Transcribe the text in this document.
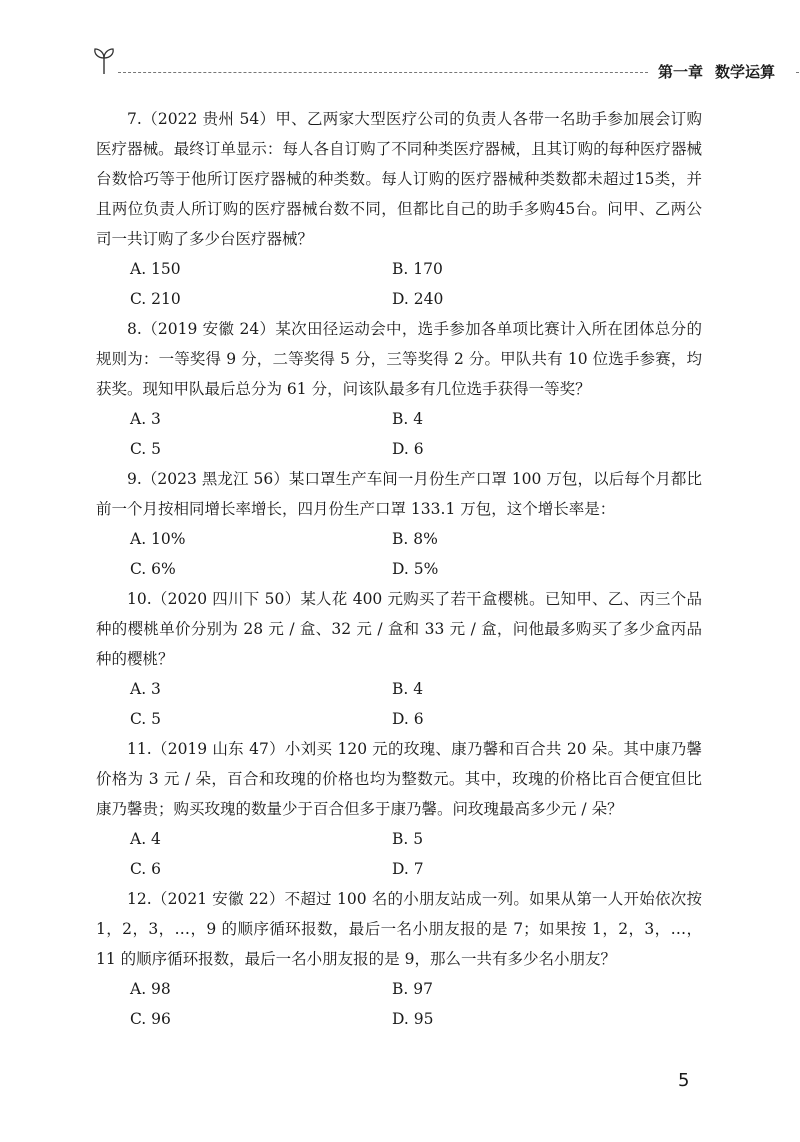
第一章 数学运算

7.（2022 贵州 54）甲、乙两家大型医疗公司的负责人各带一名助手参加展会订购医疗器械。最终订单显示：每人各自订购了不同种类医疗器械，且其订购的每种医疗器械台数恰巧等于他所订医疗器械的种类数。每人订购的医疗器械种类数都未超过15类，并且两位负责人所订购的医疗器械台数不同，但都比自己的助手多购45台。问甲、乙两公司一共订购了多少台医疗器械？

A. 150	B. 170
C. 210	D. 240

8.（2019 安徽 24）某次田径运动会中，选手参加各单项比赛计入所在团体总分的规则为：一等奖得 9 分，二等奖得 5 分，三等奖得 2 分。甲队共有 10 位选手参赛，均获奖。现知甲队最后总分为 61 分，问该队最多有几位选手获得一等奖？

A. 3	B. 4
C. 5	D. 6

9.（2023 黑龙江 56）某口罩生产车间一月份生产口罩 100 万包，以后每个月都比前一个月按相同增长率增长，四月份生产口罩 133.1 万包，这个增长率是：

A. 10%	B. 8%
C. 6%	D. 5%

10.（2020 四川下 50）某人花 400 元购买了若干盒樱桃。已知甲、乙、丙三个品种的樱桃单价分别为 28 元 / 盒、32 元 / 盒和 33 元 / 盒，问他最多购买了多少盒丙品种的樱桃？

A. 3	B. 4
C. 5	D. 6

11.（2019 山东 47）小刘买 120 元的玫瑰、康乃馨和百合共 20 朵。其中康乃馨价格为 3 元 / 朵，百合和玫瑰的价格也均为整数元。其中，玫瑰的价格比百合便宜但比康乃馨贵；购买玫瑰的数量少于百合但多于康乃馨。问玫瑰最高多少元 / 朵？

A. 4	B. 5
C. 6	D. 7

12.（2021 安徽 22）不超过 100 名的小朋友站成一列。如果从第一人开始依次按 1，2，3，…，9 的顺序循环报数，最后一名小朋友报的是 7；如果按 1，2，3，…，11 的顺序循环报数，最后一名小朋友报的是 9，那么一共有多少名小朋友？

A. 98	B. 97
C. 96	D. 95
5
